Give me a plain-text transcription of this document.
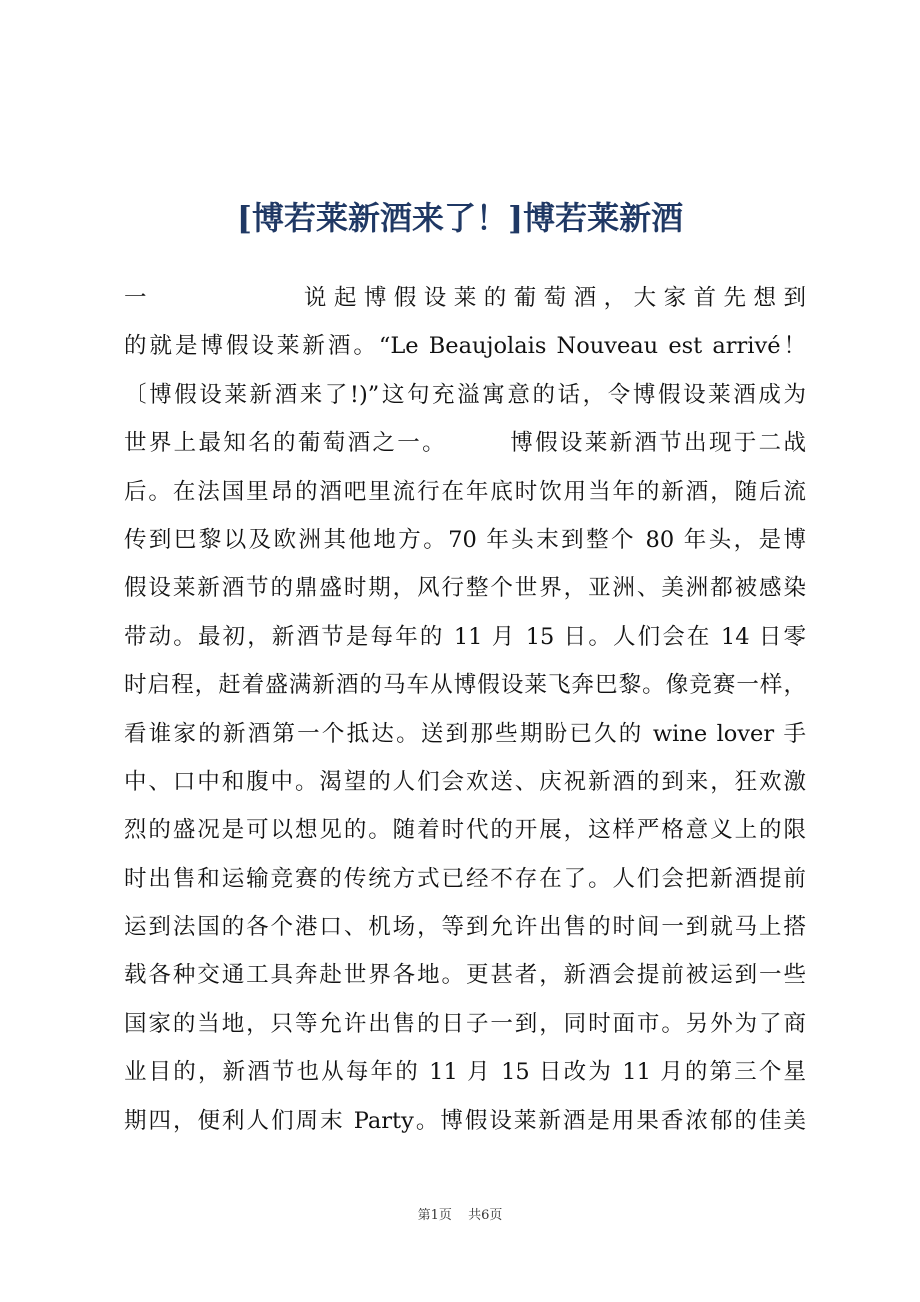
[博若莱新酒来了！]博若莱新酒
一　　　　　说起博假设莱的葡萄酒，大家首先想到
的就是博假设莱新酒。“Le Beaujolais Nouveau est arrivé！
〔博假设莱新酒来了!)”这句充溢寓意的话，令博假设莱酒成为
世界上最知名的葡萄酒之一。　　　博假设莱新酒节出现于二战
后。在法国里昂的酒吧里流行在年底时饮用当年的新酒，随后流
传到巴黎以及欧洲其他地方。70 年头末到整个 80 年头，是博
假设莱新酒节的鼎盛时期，风行整个世界，亚洲、美洲都被感染
带动。最初，新酒节是每年的 11 月 15 日。人们会在 14 日零
时启程，赶着盛满新酒的马车从博假设莱飞奔巴黎。像竞赛一样，
看谁家的新酒第一个抵达。送到那些期盼已久的 wine lover 手
中、口中和腹中。渴望的人们会欢送、庆祝新酒的到来，狂欢激
烈的盛况是可以想见的。随着时代的开展，这样严格意义上的限
时出售和运输竞赛的传统方式已经不存在了。人们会把新酒提前
运到法国的各个港口、机场，等到允许出售的时间一到就马上搭
载各种交通工具奔赴世界各地。更甚者，新酒会提前被运到一些
国家的当地，只等允许出售的日子一到，同时面市。另外为了商
业目的，新酒节也从每年的 11 月 15 日改为 11 月的第三个星
期四，便利人们周末 Party。博假设莱新酒是用果香浓郁的佳美
第1页 共6页
